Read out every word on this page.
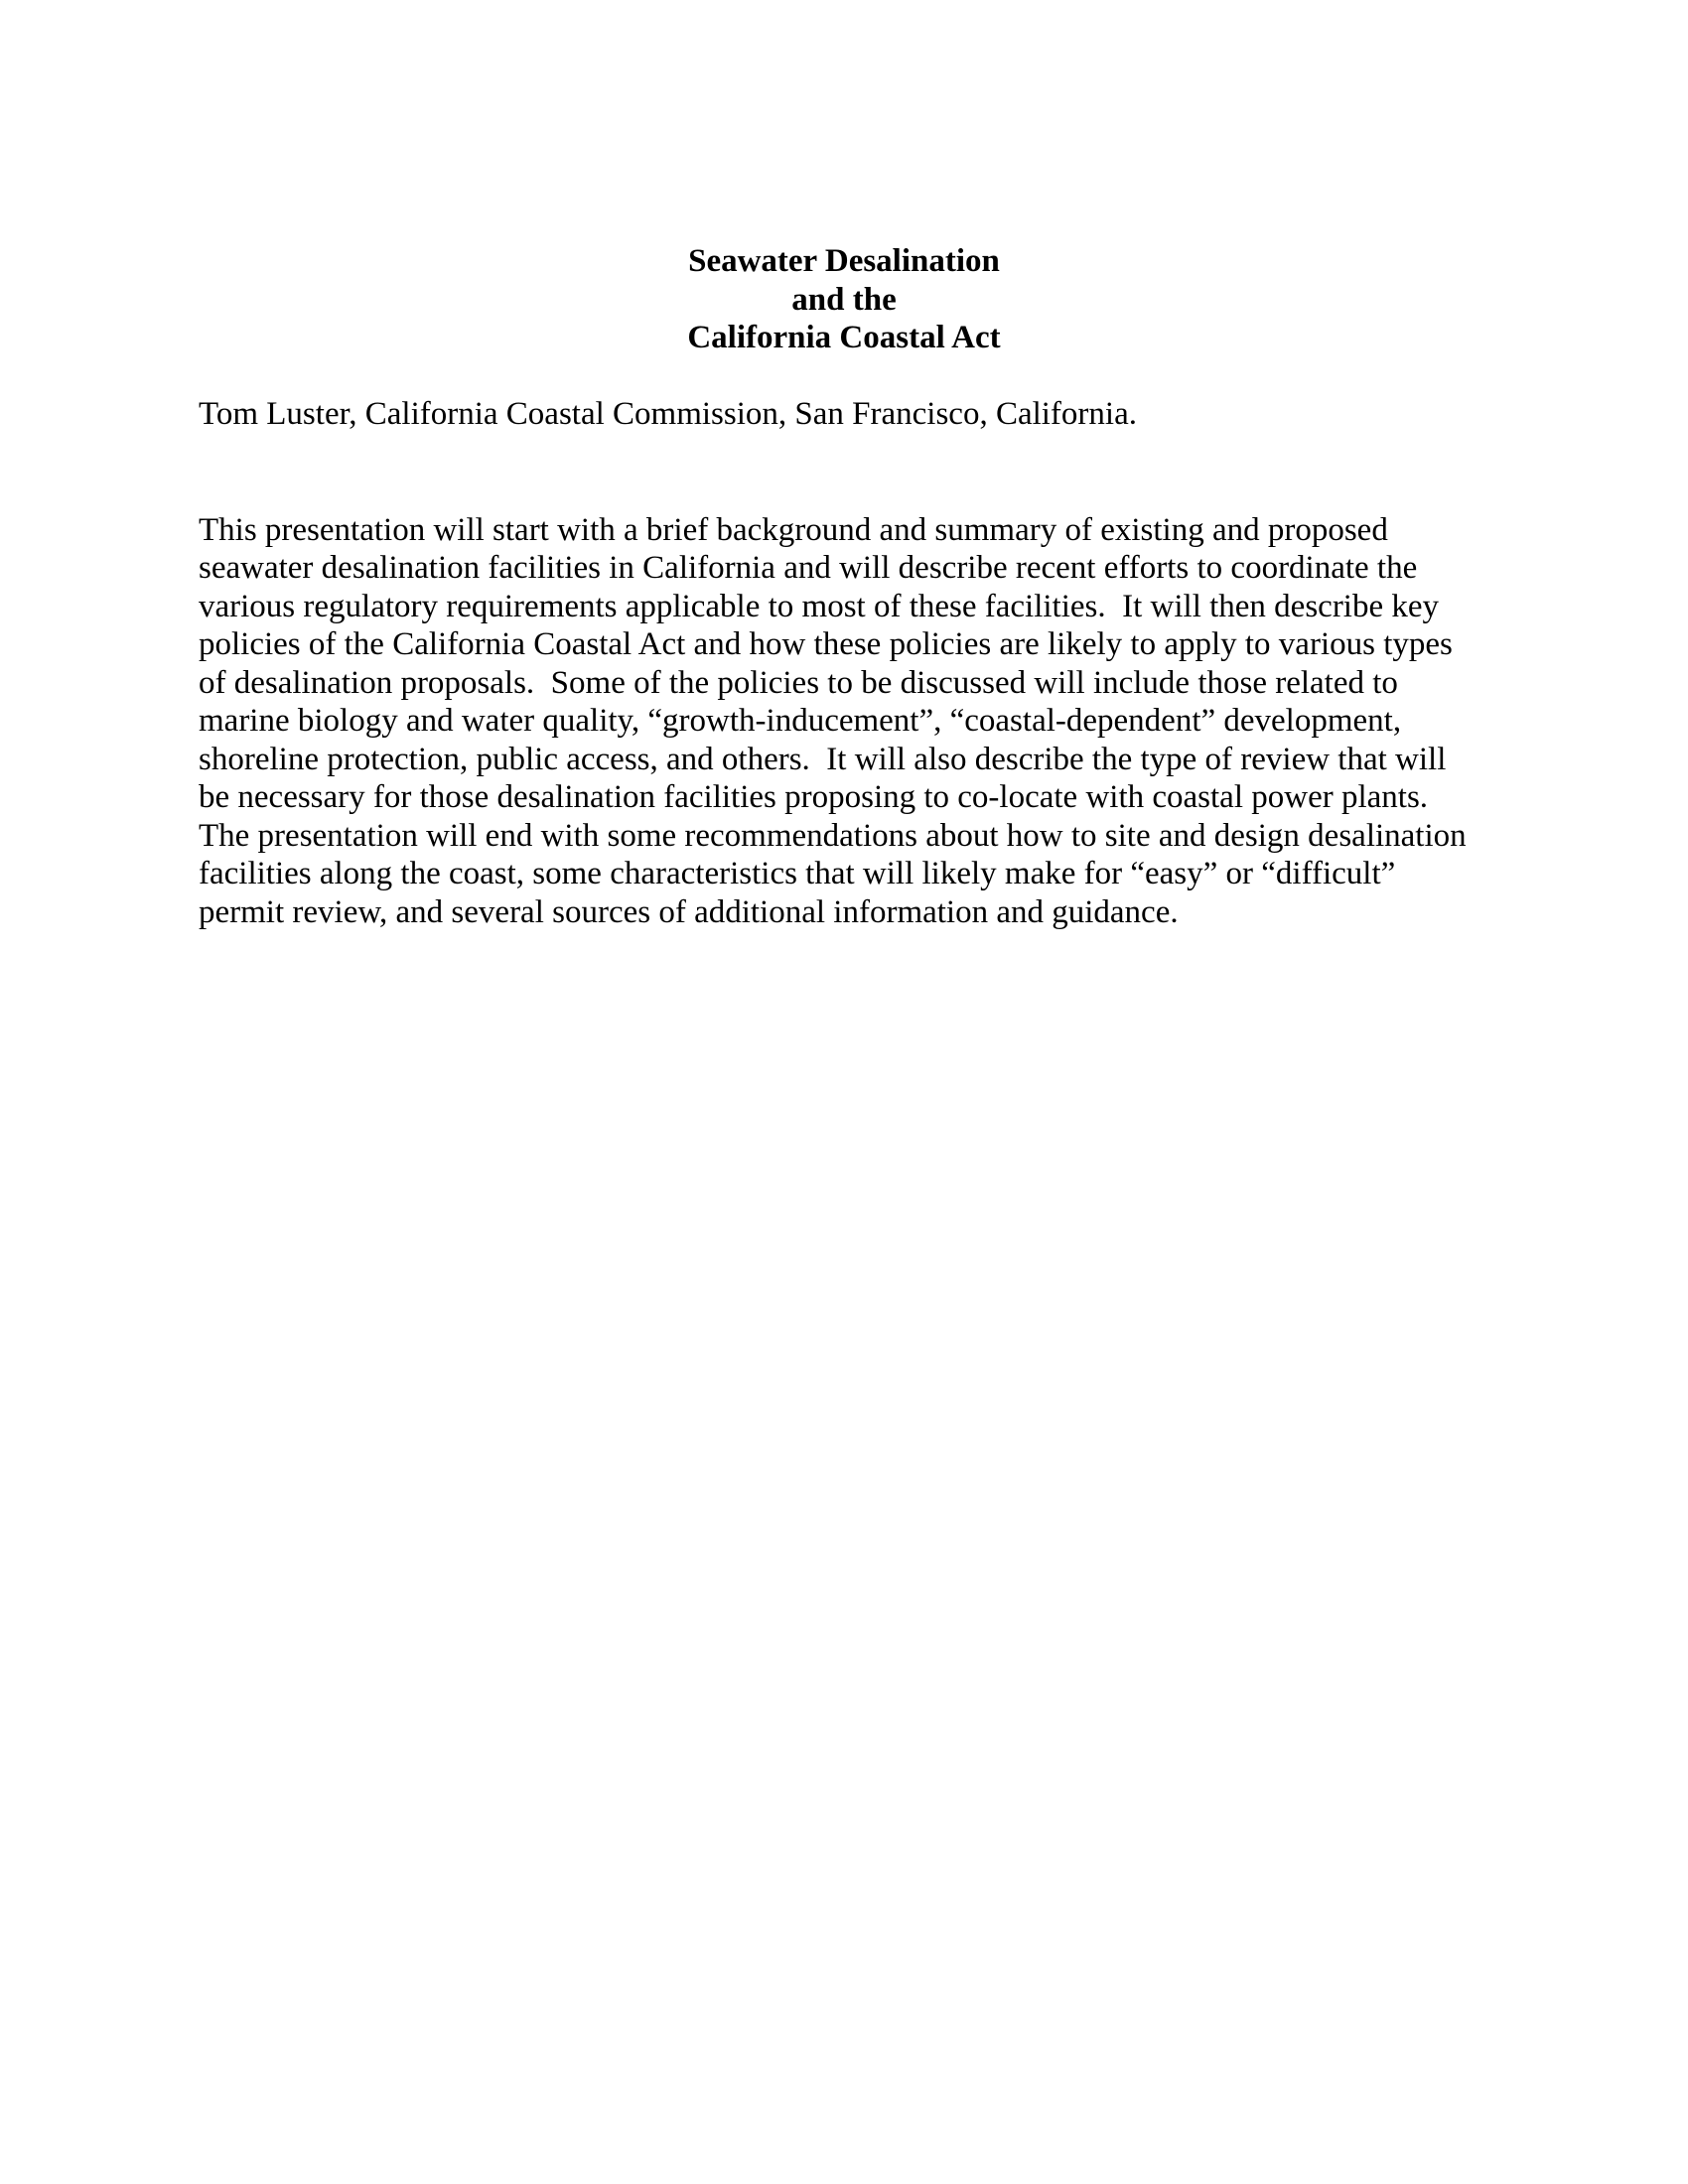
Seawater Desalination
and the
California Coastal Act

Tom Luster, California Coastal Commission, San Francisco, California.

This presentation will start with a brief background and summary of existing and proposed
seawater desalination facilities in California and will describe recent efforts to coordinate the
various regulatory requirements applicable to most of these facilities.  It will then describe key
policies of the California Coastal Act and how these policies are likely to apply to various types
of desalination proposals.  Some of the policies to be discussed will include those related to
marine biology and water quality, “growth-inducement”, “coastal-dependent” development,
shoreline protection, public access, and others.  It will also describe the type of review that will
be necessary for those desalination facilities proposing to co-locate with coastal power plants.
The presentation will end with some recommendations about how to site and design desalination
facilities along the coast, some characteristics that will likely make for “easy” or “difficult”
permit review, and several sources of additional information and guidance.
